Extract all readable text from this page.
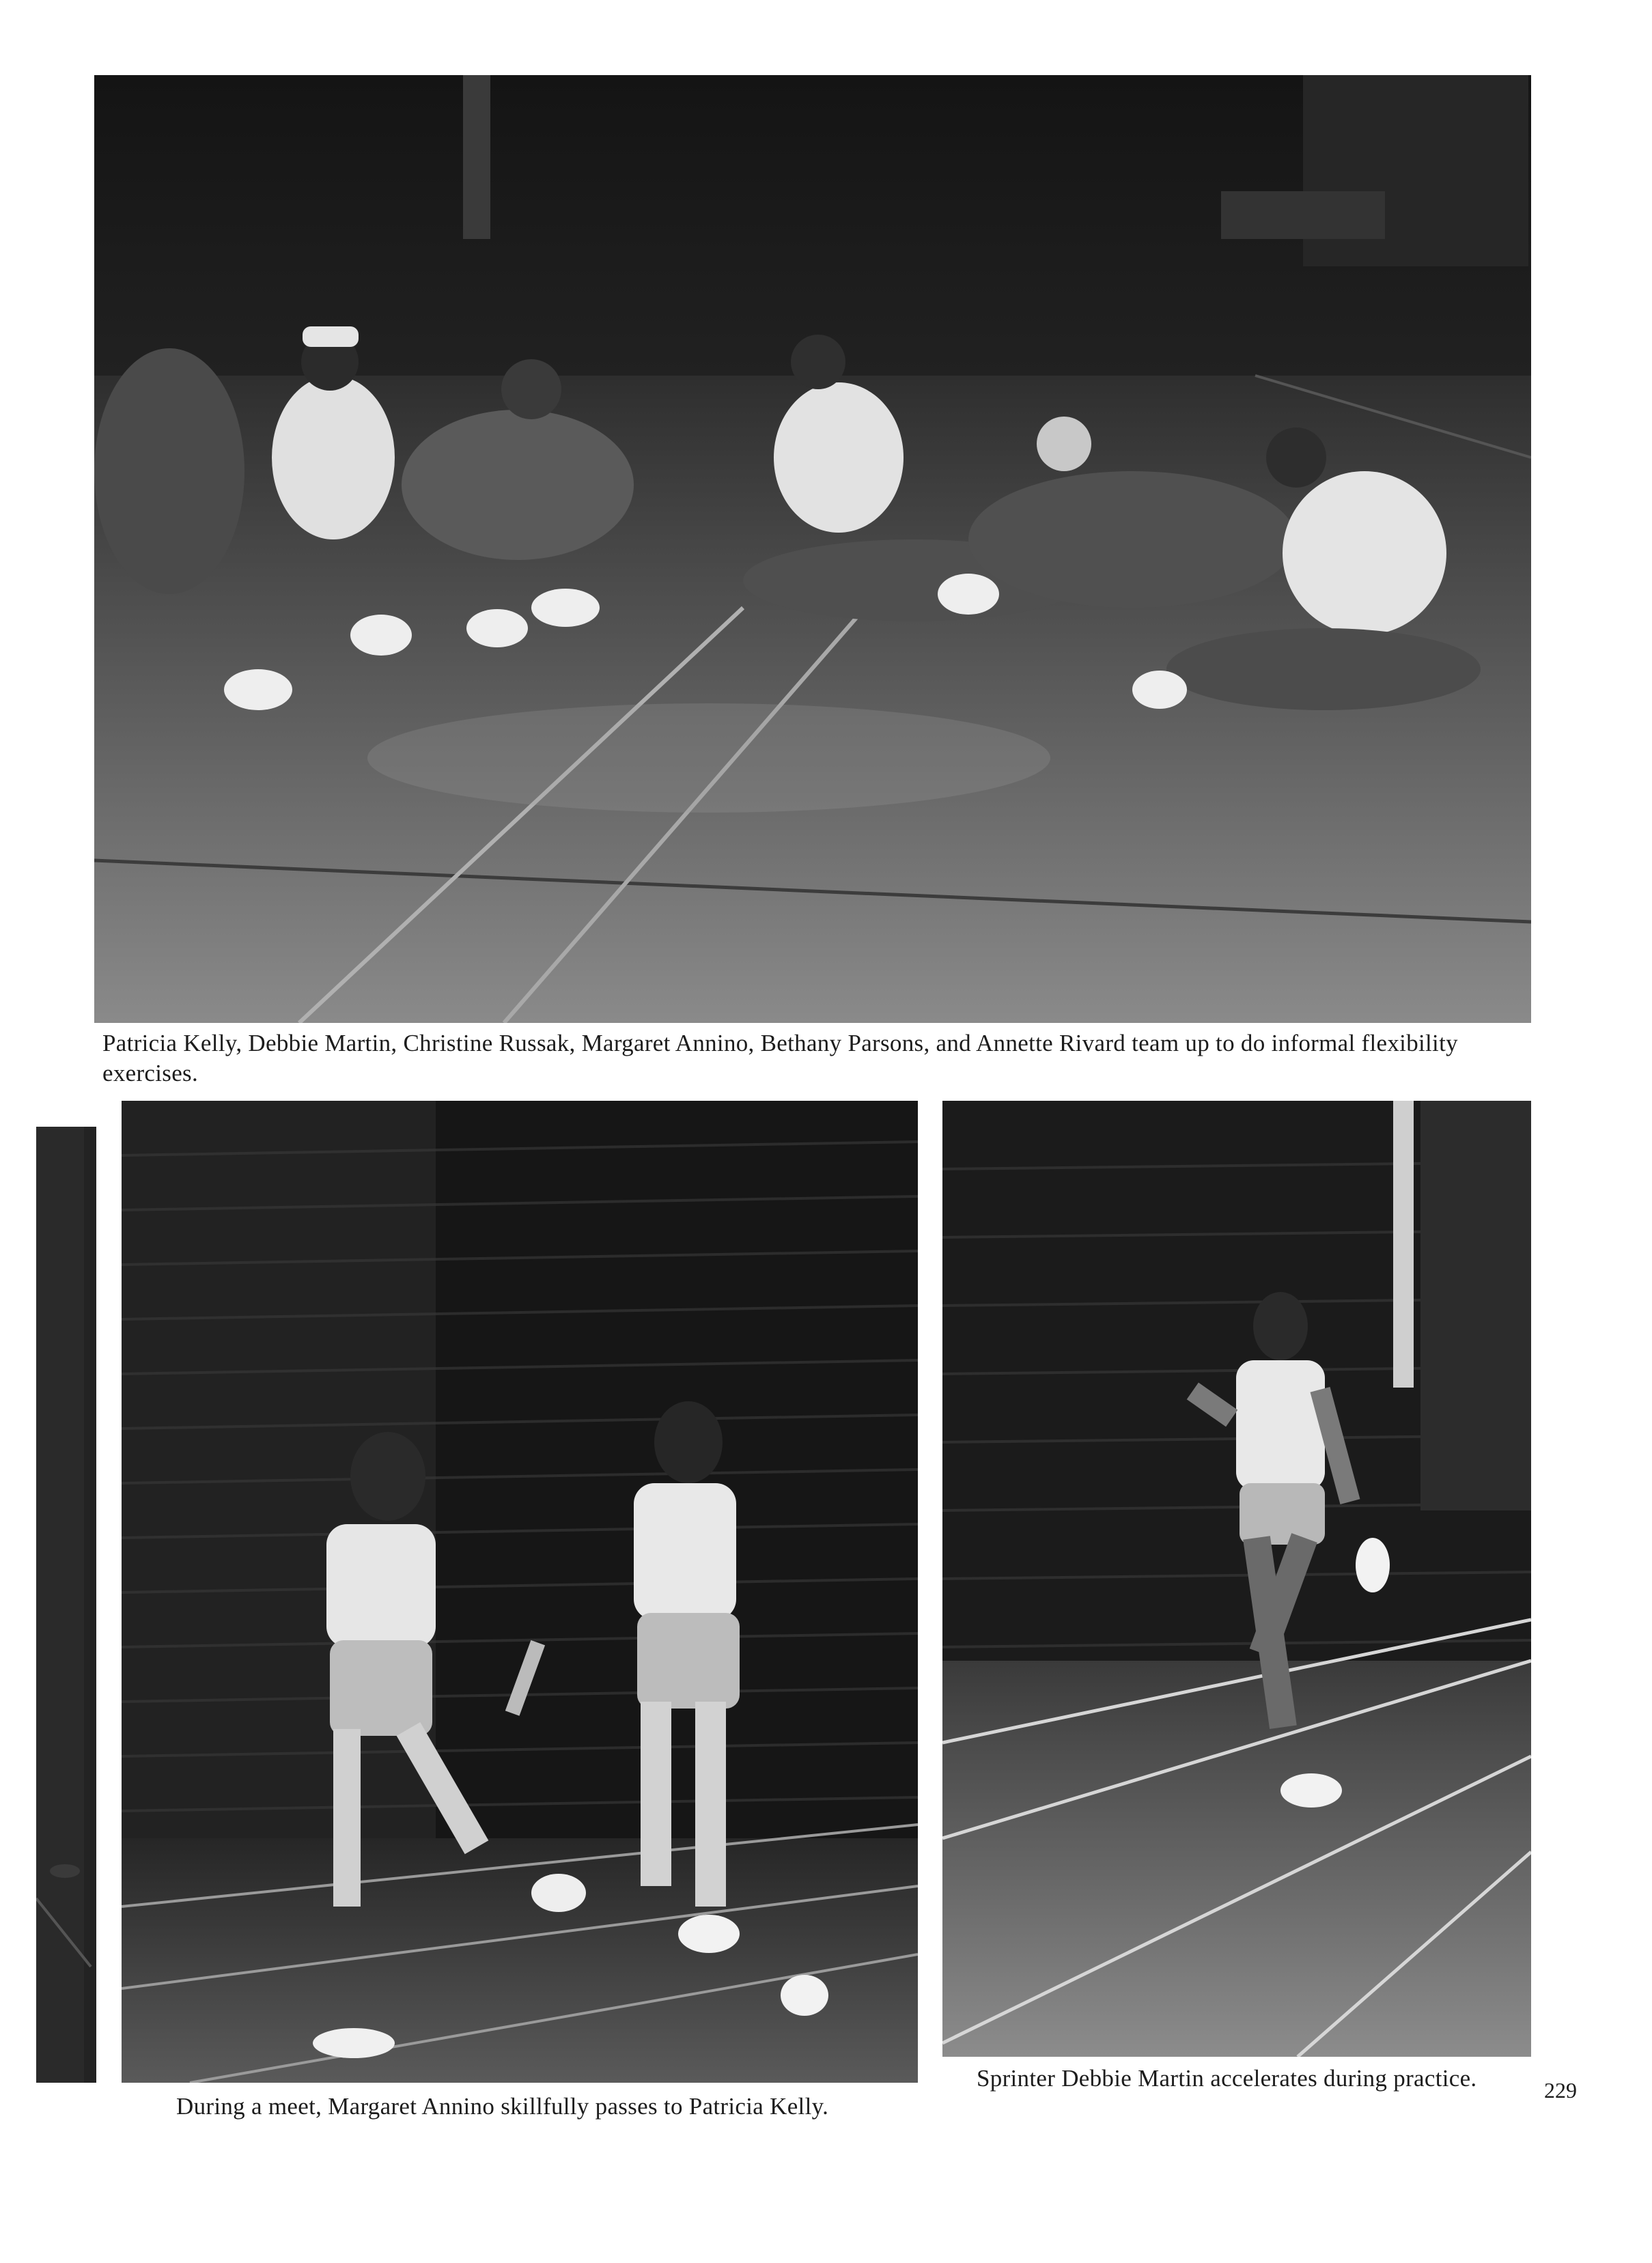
Patricia Kelly, Debbie Martin, Christine Russak, Margaret Annino, Bethany Parsons, and Annette Rivard team up to do informal flexibility exercises.

During a meet, Margaret Annino skillfully passes to Patricia Kelly.

Sprinter Debbie Martin accelerates during practice.	229
